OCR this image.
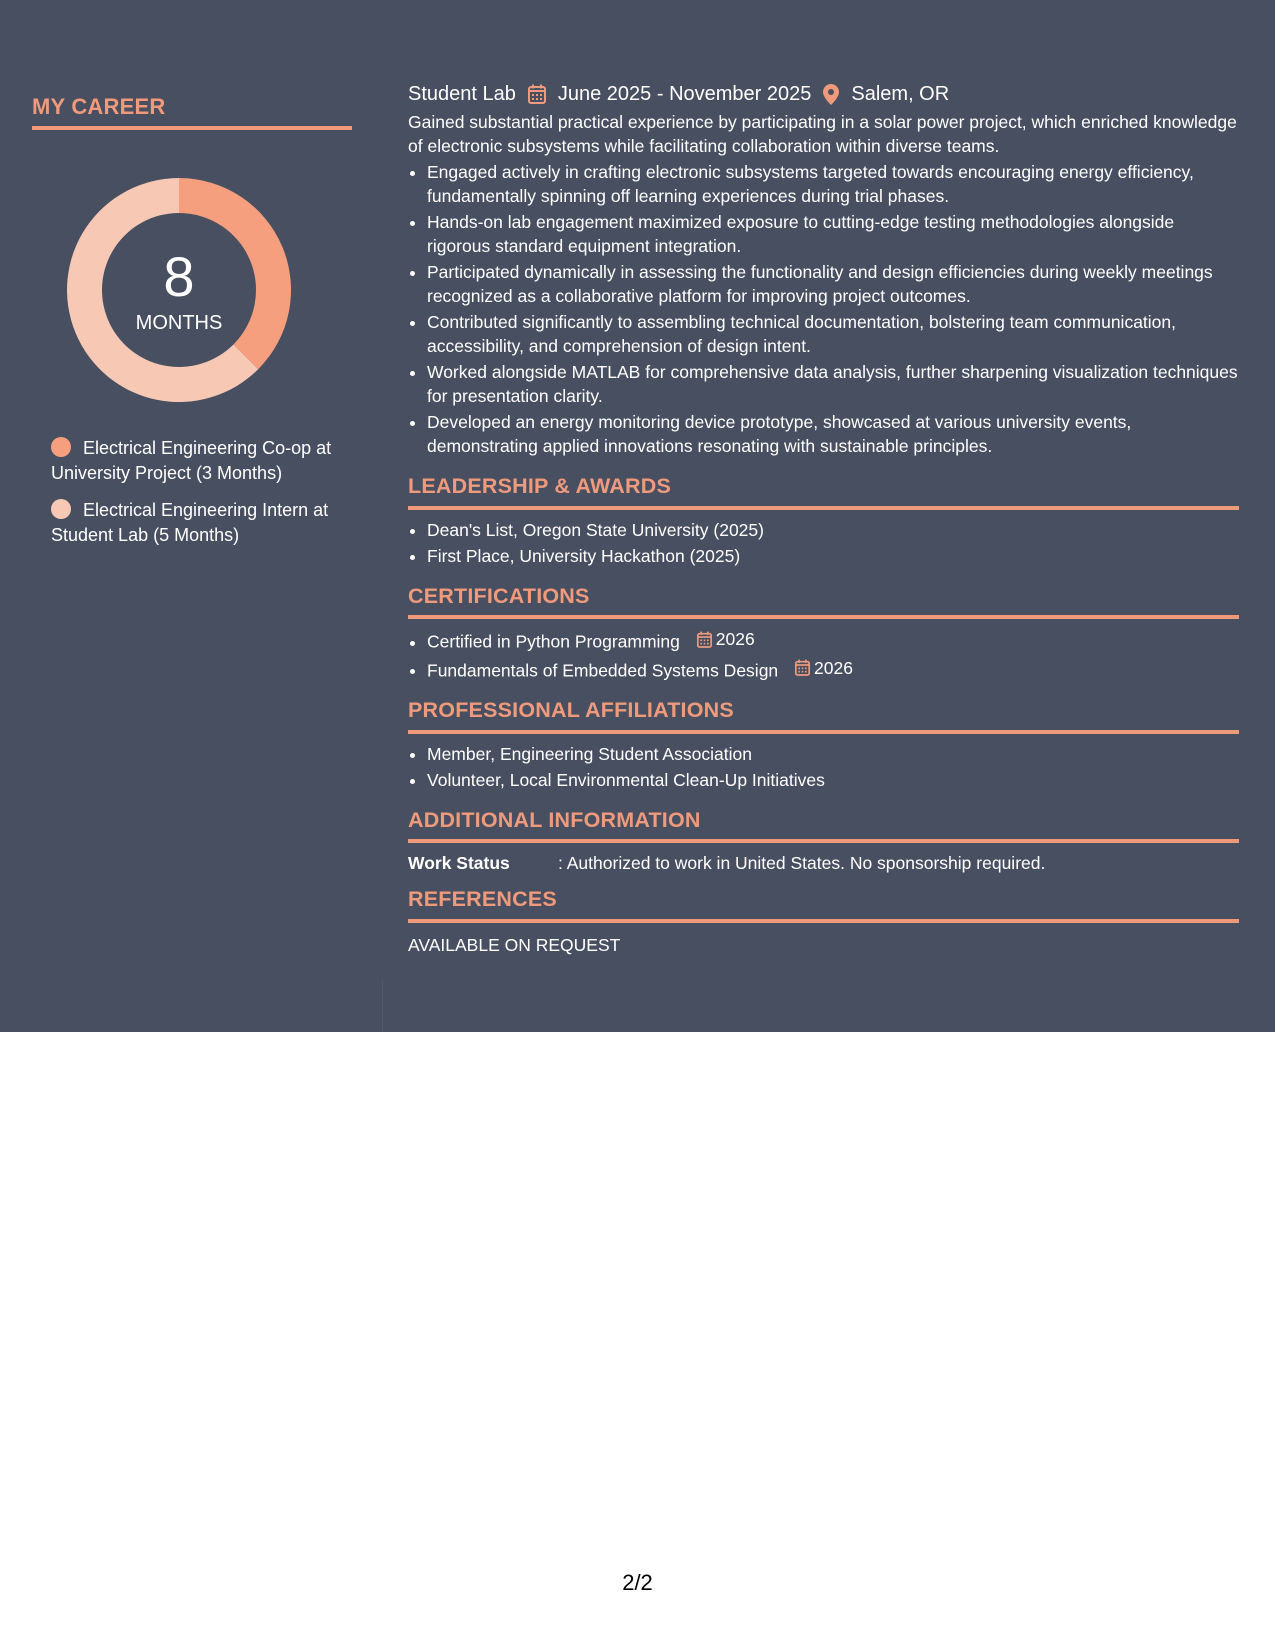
MY CAREER
8
MONTHS
Electrical Engineering Co-op at University Project (3 Months)
Electrical Engineering Intern at Student Lab (5 Months)
Student Lab June 2025 - November 2025 Salem, OR
Gained substantial practical experience by participating in a solar power project, which enriched knowledge of electronic subsystems while facilitating collaboration within diverse teams.
• Engaged actively in crafting electronic subsystems targeted towards encouraging energy efficiency, fundamentally spinning off learning experiences during trial phases.
• Hands-on lab engagement maximized exposure to cutting-edge testing methodologies alongside rigorous standard equipment integration.
• Participated dynamically in assessing the functionality and design efficiencies during weekly meetings recognized as a collaborative platform for improving project outcomes.
• Contributed significantly to assembling technical documentation, bolstering team communication, accessibility, and comprehension of design intent.
• Worked alongside MATLAB for comprehensive data analysis, further sharpening visualization techniques for presentation clarity.
• Developed an energy monitoring device prototype, showcased at various university events, demonstrating applied innovations resonating with sustainable principles.
LEADERSHIP & AWARDS
• Dean's List, Oregon State University (2025)
• First Place, University Hackathon (2025)
CERTIFICATIONS
• Certified in Python Programming 2026
• Fundamentals of Embedded Systems Design 2026
PROFESSIONAL AFFILIATIONS
• Member, Engineering Student Association
• Volunteer, Local Environmental Clean-Up Initiatives
ADDITIONAL INFORMATION
Work Status	: Authorized to work in United States. No sponsorship required.
REFERENCES
AVAILABLE ON REQUEST
2/2
